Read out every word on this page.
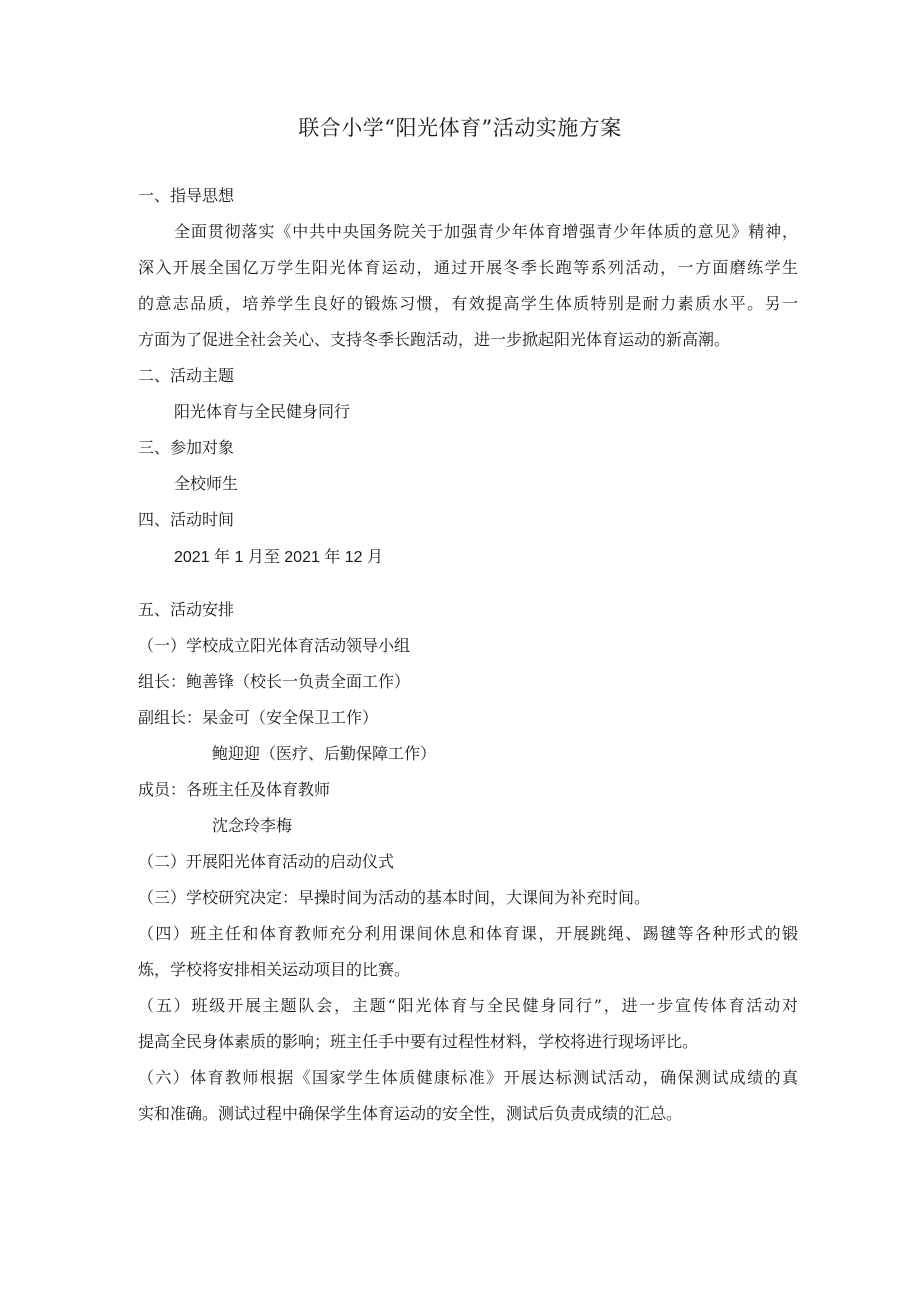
联合小学“阳光体育”活动实施方案
一、指导思想
全面贯彻落实《中共中央国务院关于加强青少年体育增强青少年体质的意见》精神，
深入开展全国亿万学生阳光体育运动，通过开展冬季长跑等系列活动，一方面磨练学生
的意志品质，培养学生良好的锻炼习惯，有效提高学生体质特别是耐力素质水平。另一
方面为了促进全社会关心、支持冬季长跑活动，进一步掀起阳光体育运动的新高潮。
二、活动主题
阳光体育与全民健身同行
三、参加对象
全校师生
四、活动时间
2021 年 1 月至 2021 年 12 月
五、活动安排
（一）学校成立阳光体育活动领导小组
组长：鲍善锋（校长一负责全面工作）
副组长：杲金可（安全保卫工作）
鲍迎迎（医疗、后勤保障工作）
成员：各班主任及体育教师
沈念玲李梅
（二）开展阳光体育活动的启动仪式
（三）学校研究决定：早操时间为活动的基本时间，大课间为补充时间。
（四）班主任和体育教师充分利用课间休息和体育课，开展跳绳、踢毽等各种形式的锻
炼，学校将安排相关运动项目的比赛。
（五）班级开展主题队会，主题“阳光体育与全民健身同行”，进一步宣传体育活动对
提高全民身体素质的影响；班主任手中要有过程性材料，学校将进行现场评比。
（六）体育教师根据《国家学生体质健康标准》开展达标测试活动，确保测试成绩的真
实和准确。测试过程中确保学生体育运动的安全性，测试后负责成绩的汇总。
